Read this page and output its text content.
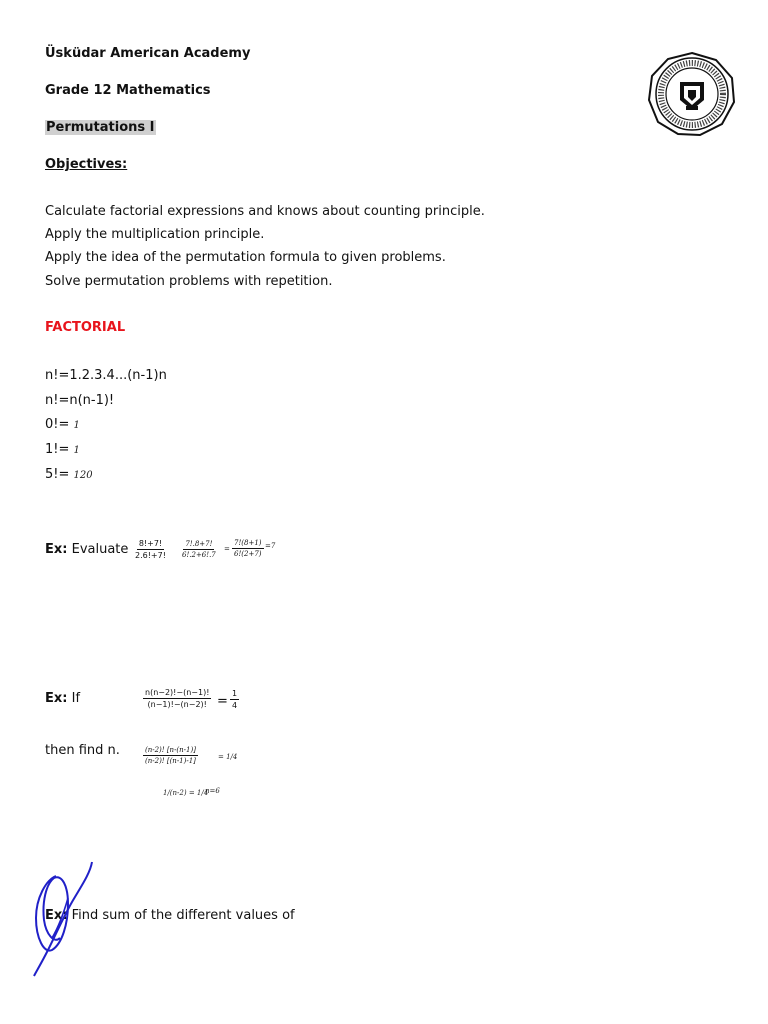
Üsküdar American Academy
Grade 12 Mathematics
Permutations I
Objectives:
Calculate factorial expressions and knows about counting principle.
Apply the multiplication principle.
Apply the idea of the permutation formula to given problems.
Solve permutation problems with repetition.
FACTORIAL
n!=1.2.3.4...(n-1)n
n!=n(n-1)!
0!= 1
1!= 1
5!= 120
Ex: Evaluate $\frac{8!+7!}{2.6!+7!} \frac{7!.8+7!}{6!.2+6!.7} = \frac{7!(8+1)}{6!(2+7)} =7$
Ex: If	$\frac{n(n-2)!-(n-1)!}{(n-1)!-(n-2)!} = \frac{1}{4}$
then find n.	$\frac{(n-2)! [n-(n-1)]}{(n-2)! [(n-1)-1]}$	= 1/4
1/(n-2) = 1/4
n=6
Ex: Find sum of the different values of
